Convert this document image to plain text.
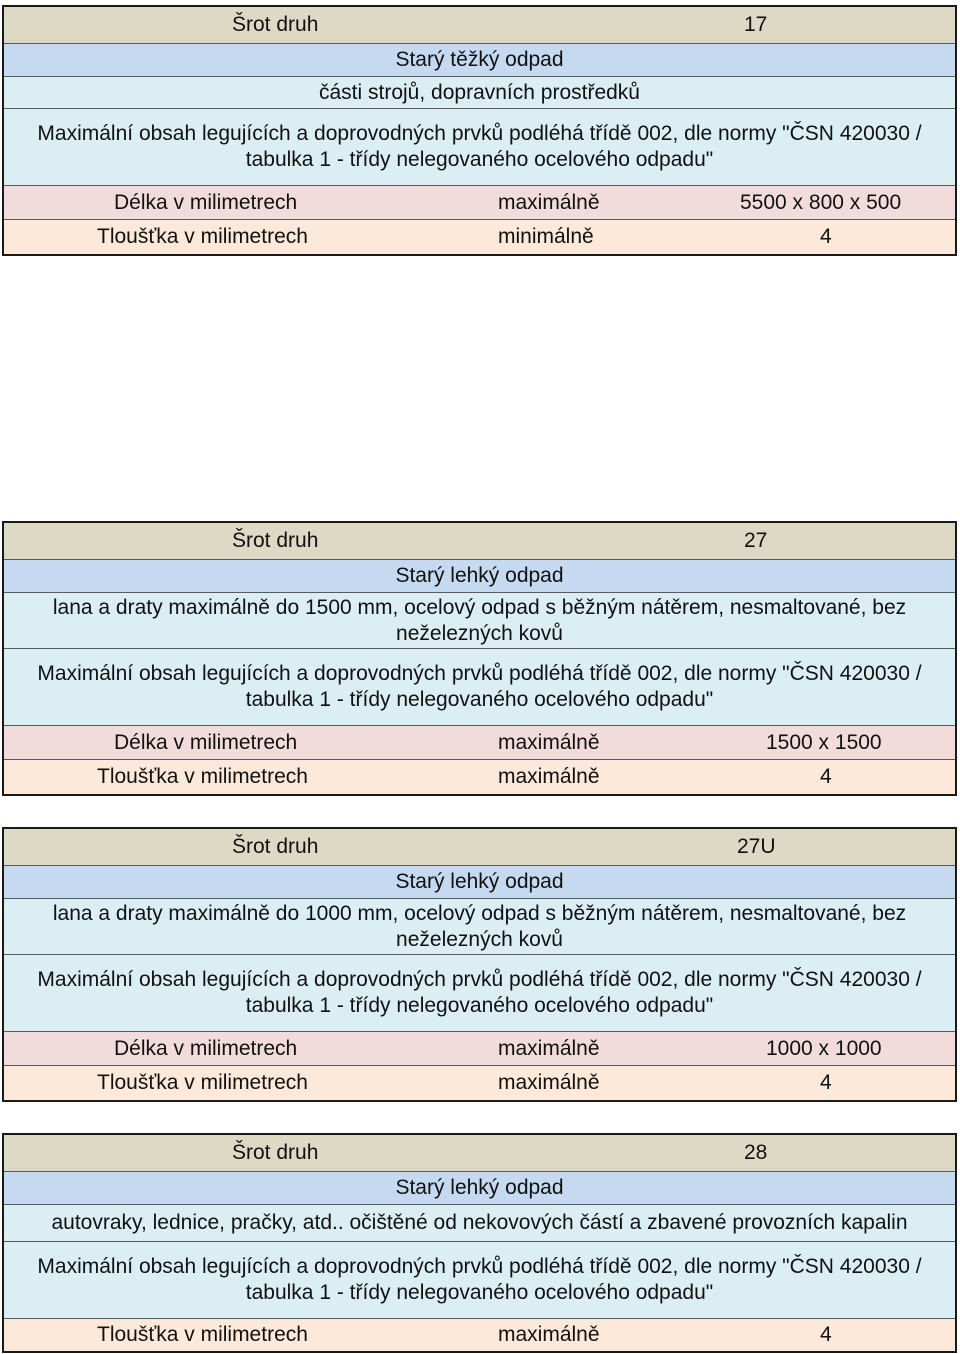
Šrot druh	17
Starý těžký odpad
části strojů, dopravních prostředků
Maximální obsah legujících a doprovodných prvků podléhá třídě 002, dle normy "ČSN 420030 / tabulka 1 - třídy nelegovaného ocelového odpadu"
Délka v milimetrech	maximálně	5500 x 800 x 500
Tloušťka v milimetrech	minimálně	4
Šrot druh	27
Starý lehký odpad
lana a draty maximálně do 1500 mm, ocelový odpad s běžným nátěrem, nesmaltované, bez neželezných kovů
Maximální obsah legujících a doprovodných prvků podléhá třídě 002, dle normy "ČSN 420030 / tabulka 1 - třídy nelegovaného ocelového odpadu"
Délka v milimetrech	maximálně	1500 x 1500
Tloušťka v milimetrech	maximálně	4
Šrot druh	27U
Starý lehký odpad
lana a draty maximálně do 1000 mm, ocelový odpad s běžným nátěrem, nesmaltované, bez neželezných kovů
Maximální obsah legujících a doprovodných prvků podléhá třídě 002, dle normy "ČSN 420030 / tabulka 1 - třídy nelegovaného ocelového odpadu"
Délka v milimetrech	maximálně	1000 x 1000
Tloušťka v milimetrech	maximálně	4
Šrot druh	28
Starý lehký odpad
autovraky, lednice, pračky, atd.. očištěné od nekovových částí a zbavené provozních kapalin
Maximální obsah legujících a doprovodných prvků podléhá třídě 002, dle normy "ČSN 420030 / tabulka 1 - třídy nelegovaného ocelového odpadu"
Tloušťka v milimetrech	maximálně	4
